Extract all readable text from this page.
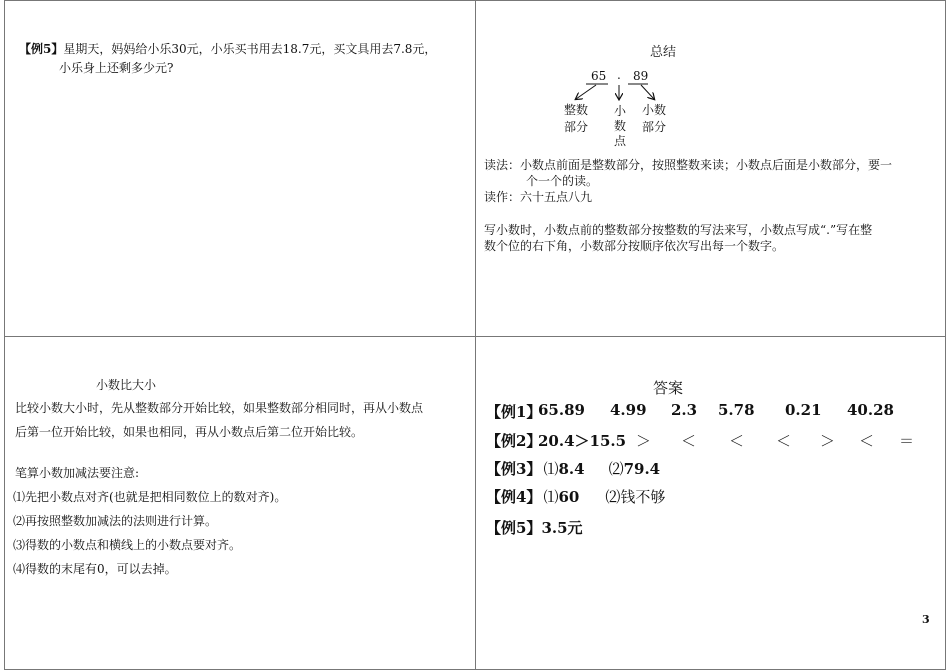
【例5】星期天，妈妈给小乐30元，小乐买书用去18.7元，买文具用去7.8元，
小乐身上还剩多少元?
总结
65 . 89
整数
部分
小
数
点
小数
部分
读法：小数点前面是整数部分，按照整数来读；小数点后面是小数部分，要一
个一个的读。
读作：六十五点八九
写小数时，小数点前的整数部分按整数的写法来写，小数点写成“.”写在整
数个位的右下角，小数部分按顺序依次写出每一个数字。
小数比大小
比较小数大小时，先从整数部分开始比较，如果整数部分相同时，再从小数点
后第一位开始比较，如果也相同，再从小数点后第二位开始比较。
笔算小数加减法要注意:
⑴先把小数点对齐(也就是把相同数位上的数对齐)。
⑵再按照整数加减法的法则进行计算。
⑶得数的小数点和横线上的小数点要对齐。
⑷得数的末尾有0，可以去掉。
答案
【例1】
65.89 4.99 2.3 5.78 0.21 40.28
【例2】
20.4＞15.5 ＞ ＜ ＜ ＜ ＞ ＜ ＝
【例3】 ⑴8.4 ⑵79.4
【例4】 ⑴60 ⑵钱不够
【例5】3.5元
3
